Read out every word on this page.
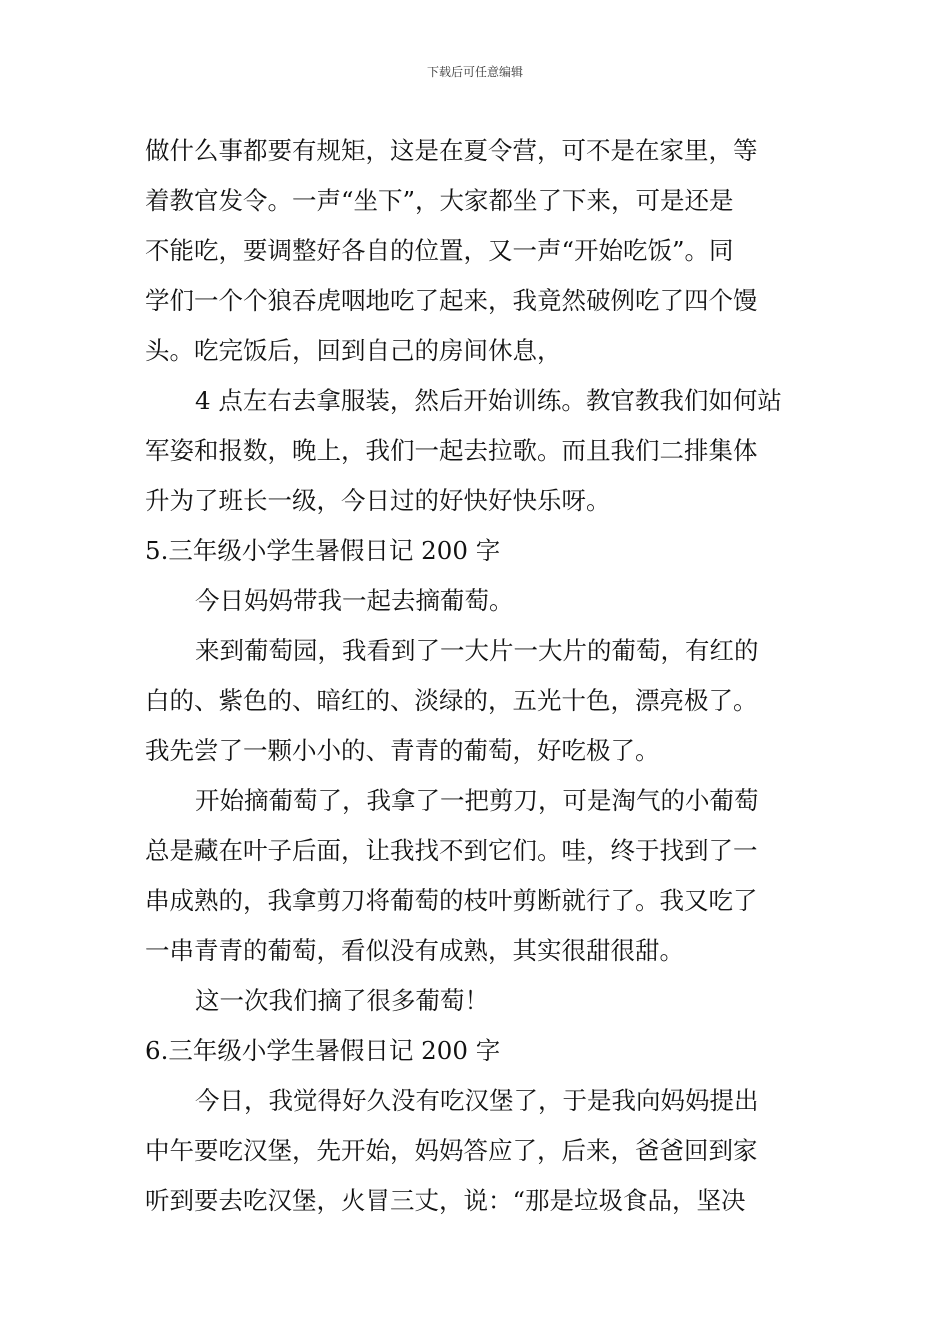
下载后可任意编辑
做什么事都要有规矩，这是在夏令营，可不是在家里，等
着教官发令。一声“坐下”，大家都坐了下来，可是还是
不能吃，要调整好各自的位置，又一声“开始吃饭”。同
学们一个个狼吞虎咽地吃了起来，我竟然破例吃了四个馒
头。吃完饭后，回到自己的房间休息，
4 点左右去拿服装，然后开始训练。教官教我们如何站
军姿和报数，晚上，我们一起去拉歌。而且我们二排集体
升为了班长一级，今日过的好快好快乐呀。
5.三年级小学生暑假日记 200 字
今日妈妈带我一起去摘葡萄。
来到葡萄园，我看到了一大片一大片的葡萄，有红的
白的、紫色的、暗红的、淡绿的，五光十色，漂亮极了。
我先尝了一颗小小的、青青的葡萄，好吃极了。
开始摘葡萄了，我拿了一把剪刀，可是淘气的小葡萄
总是藏在叶子后面，让我找不到它们。哇，终于找到了一
串成熟的，我拿剪刀将葡萄的枝叶剪断就行了。我又吃了
一串青青的葡萄，看似没有成熟，其实很甜很甜。
这一次我们摘了很多葡萄！
6.三年级小学生暑假日记 200 字
今日，我觉得好久没有吃汉堡了，于是我向妈妈提出
中午要吃汉堡，先开始，妈妈答应了，后来，爸爸回到家
听到要去吃汉堡，火冒三丈，说：“那是垃圾食品，坚决
